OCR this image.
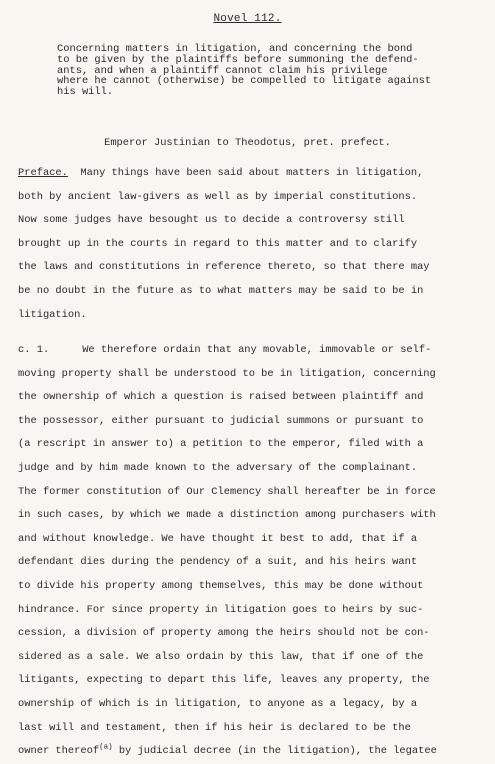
Novel 112.

Concerning matters in litigation, and concerning the bond
to be given by the plaintiffs before summoning the defend-
ants, and when a plaintiff cannot claim his privilege
where he cannot (otherwise) be compelled to litigate against
his will.

Emperor Justinian to Theodotus, pret. prefect.

Preface. Many things have been said about matters in litigation,
both by ancient law-givers as well as by imperial constitutions.
Now some judges have besought us to decide a controversy still
brought up in the courts in regard to this matter and to clarify
the laws and constitutions in reference thereto, so that there may
be no doubt in the future as to what matters may be said to be in
litigation.

c. 1.	We therefore ordain that any movable, immovable or self-
moving property shall be understood to be in litigation, concerning
the ownership of which a question is raised between plaintiff and
the possessor, either pursuant to judicial summons or pursuant to
(a rescript in answer to) a petition to the emperor, filed with a
judge and by him made known to the adversary of the complainant.
The former constitution of Our Clemency shall hereafter be in force
in such cases, by which we made a distinction among purchasers with
and without knowledge. We have thought it best to add, that if a
defendant dies during the pendency of a suit, and his heirs want
to divide his property among themselves, this may be done without
hindrance. For since property in litigation goes to heirs by suc-
cession, a division of property among the heirs should not be con-
sidered as a sale. We also ordain by this law, that if one of the
litigants, expecting to depart this life, leaves any property, the
ownership of which is in litigation, to anyone as a legacy, by a
last will and testament, then if his heir is declared to be the
owner thereof$^{(a)}$ by judicial decree (in the litigation), the legatee
